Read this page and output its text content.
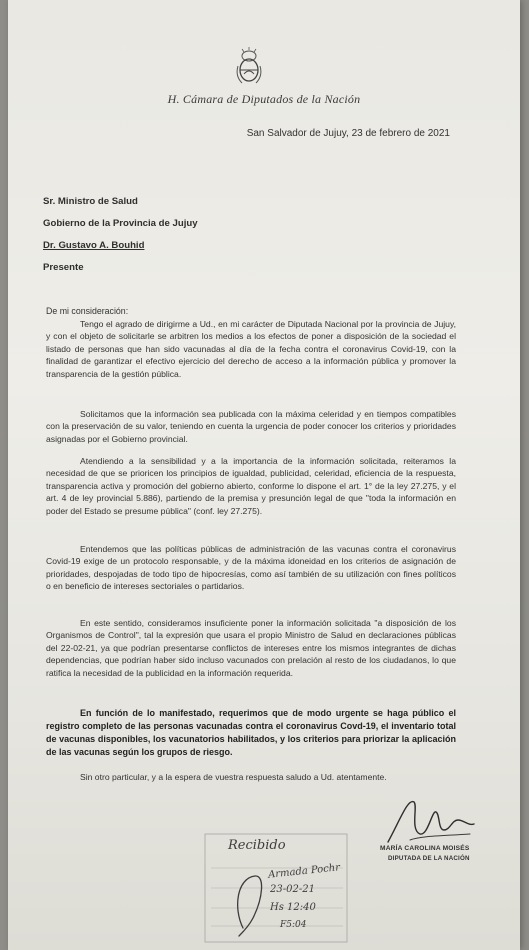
H. Cámara de Diputados de la Nación
San Salvador de Jujuy, 23 de febrero de 2021
Sr. Ministro de Salud
Gobierno de la Provincia de Jujuy
Dr. Gustavo A. Bouhid
Presente
De mi consideración:

Tengo el agrado de dirigirme a Ud., en mi carácter de Diputada Nacional por la provincia de Jujuy, y con el objeto de solicitarle se arbitren los medios a los efectos de poner a disposición de la sociedad el listado de personas que han sido vacunadas al día de la fecha contra el coronavirus Covid-19, con la finalidad de garantizar el efectivo ejercicio del derecho de acceso a la información pública y promover la transparencia de la gestión pública.

Solicitamos que la información sea publicada con la máxima celeridad y en tiempos compatibles con la preservación de su valor, teniendo en cuenta la urgencia de poder conocer los criterios y prioridades asignadas por el Gobierno provincial.

Atendiendo a la sensibilidad y a la importancia de la información solicitada, reiteramos la necesidad de que se prioricen los principios de igualdad, publicidad, celeridad, eficiencia de la respuesta, transparencia activa y promoción del gobierno abierto, conforme lo dispone el art. 1° de la ley 27.275, y el art. 4 de ley provincial 5.886), partiendo de la premisa y presunción legal de que "toda la información en poder del Estado se presume pública" (conf. ley 27.275).

Entendemos que las políticas públicas de administración de las vacunas contra el coronavirus Covid-19 exige de un protocolo responsable, y de la máxima idoneidad en los criterios de asignación de prioridades, despojadas de todo tipo de hipocresías, como así también de su utilización con fines políticos o en beneficio de intereses sectoriales o partidarios.

En este sentido, consideramos insuficiente poner la información solicitada "a disposición de los Organismos de Control", tal la expresión que usara el propio Ministro de Salud en declaraciones públicas del 22-02-21, ya que podrían presentarse conflictos de intereses entre los mismos integrantes de dichas dependencias, que podrían haber sido incluso vacunados con prelación al resto de los ciudadanos, lo que ratifica la necesidad de la publicidad en la información requerida.

En función de lo manifestado, requerimos que de modo urgente se haga público el registro completo de las personas vacunadas contra el coronavirus Covd-19, el inventario total de vacunas disponibles, los vacunatorios habilitados, y los criterios para priorizar la aplicación de las vacunas según los grupos de riesgo.

Sin otro particular, y a la espera de vuestra respuesta saludo a Ud. atentamente.

MARÍA CAROLINA MOISÉS
DIPUTADA DE LA NACIÓN
Recibido
Armada Pochr
23-02-21
Hs 12:40
F5:04
